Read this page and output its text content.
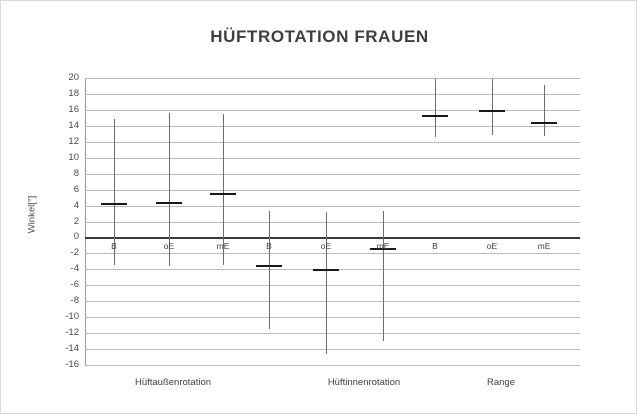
HÜFTROTATION FRAUEN
Winkel[°]
B	oE	mE	B	oE	mE	B	oE	mE
20
18
16
14
12
10
8
6
4
2
0
-2
-4
-6
-8
-10
-12
-14
-16
Hüftaußenrotation	Hüftinnenrotation	Range
